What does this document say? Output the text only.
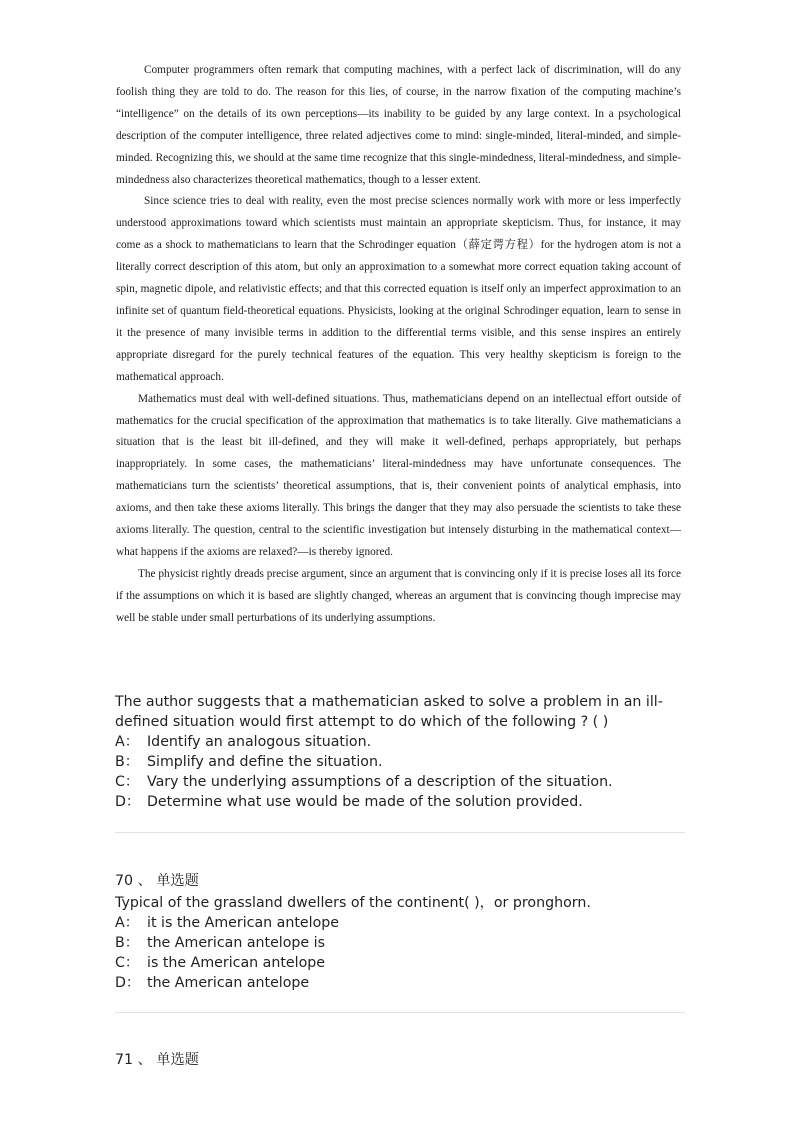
Computer programmers often remark that computing machines, with a perfect lack of discrimination, will do any foolish thing they are told to do. The reason for this lies, of course, in the narrow fixation of the computing machine’s “intelligence” on the details of its own perceptions—its inability to be guided by any large context. In a psychological description of the computer intelligence, three related adjectives come to mind: single-minded, literal-minded, and simple-minded. Recognizing this, we should at the same time recognize that this single-mindedness, literal-mindedness, and simple-mindedness also characterizes theoretical mathematics, though to a lesser extent.

Since science tries to deal with reality, even the most precise sciences normally work with more or less imperfectly understood approximations toward which scientists must maintain an appropriate skepticism. Thus, for instance, it may come as a shock to mathematicians to learn that the Schrodinger equation（薛定谔方程）for the hydrogen atom is not a literally correct description of this atom, but only an approximation to a somewhat more correct equation taking account of spin, magnetic dipole, and relativistic effects; and that this corrected equation is itself only an imperfect approximation to an infinite set of quantum field-theoretical equations. Physicists, looking at the original Schrodinger equation, learn to sense in it the presence of many invisible terms in addition to the differential terms visible, and this sense inspires an entirely appropriate disregard for the purely technical features of the equation. This very healthy skepticism is foreign to the mathematical approach.

Mathematics must deal with well-defined situations. Thus, mathematicians depend on an intellectual effort outside of mathematics for the crucial specification of the approximation that mathematics is to take literally. Give mathematicians a situation that is the least bit ill-defined, and they will make it well-defined, perhaps appropriately, but perhaps inappropriately. In some cases, the mathematicians’ literal-mindedness may have unfortunate consequences. The mathematicians turn the scientists’ theoretical assumptions, that is, their convenient points of analytical emphasis, into axioms, and then take these axioms literally. This brings the danger that they may also persuade the scientists to take these axioms literally. The question, central to the scientific investigation but intensely disturbing in the mathematical context—what happens if the axioms are relaxed?—is thereby ignored.

The physicist rightly dreads precise argument, since an argument that is convincing only if it is precise loses all its force if the assumptions on which it is based are slightly changed, whereas an argument that is convincing though imprecise may well be stable under small perturbations of its underlying assumptions.

The author suggests that a mathematician asked to solve a problem in an ill-defined situation would first attempt to do which of the following ? ( )

A： Identify an analogous situation.

B： Simplify and define the situation.

C： Vary the underlying assumptions of a description of the situation.

D： Determine what use would be made of the solution provided.

70 、 单选题

Typical of the grassland dwellers of the continent( )，or pronghorn.

A： it is the American antelope

B： the American antelope is

C： is the American antelope

D： the American antelope

71 、 单选题
